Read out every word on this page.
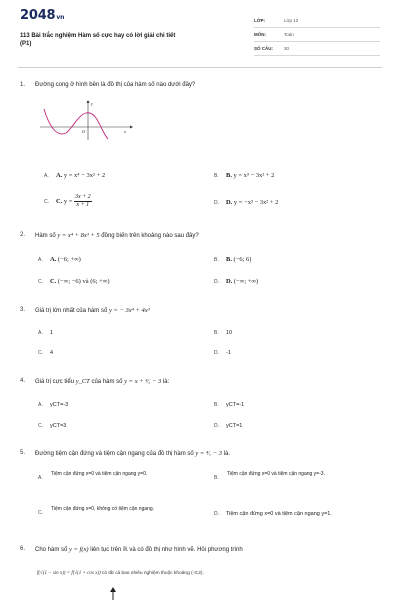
2048vn
113 Bài trắc nghiệm Hàm số cực hay có lời giải chi tiết
(P1)
LỚP:	Lớp 12
MÔN:	Toán
SỐ CÂU: 30
1. Đường cong ở hình bên là đồ thị của hàm số nào dưới đây?
A. A. y = x⁴ − 3x² + 2	B. B. y = x³ − 3x² + 2
C. C. $y = \frac{3x + 2}{x + 1}$	D. D. y = −x³ − 3x² + 2
y
x
O
2. Hàm số y = x⁴ + 8x³ + 5 đồng biến trên khoảng nào sau đây?
A. A. (−6; +∞)	B. B. (−6; 6)
C. C. (−∞; −6) và (6; +∞)	D. D. (−∞; +∞)
3. Giá trị lớn nhất của hàm số y = − 3x⁴ + 4x³
A. 1	B. 10
C. 4	D. -1
4. Giá trị cực tiểu y_CT của hàm số y = x + ⁴⁄ₓ − 3 là:
A. yCT=-3	B. yCT=-1
C. yCT=3	D. yCT=1
5. Đường tiệm cận đứng và tiệm cận ngang của đồ thị hàm số y = ⁴⁄ₓ − 3 là.
A.
Tiệm cận đứng x=0 và tiệm cận ngang y=0.
B.
Tiệm cận đứng x=0 và tiệm cận ngang y=-3.
C.
Tiệm cận đứng x=0, không có tiệm cận ngang.
D. Tiệm cận đứng x=0 và tiệm cận ngang y=1.
6. Cho hàm số y = f(x) liên tục trên ℝ và có đồ thị như hình vẽ. Hỏi phương trình
f(√(1 − sin x)) = f(√(1 + cos x)) có tất cả bao nhiêu nghiệm thuộc khoảng (-3;2).
